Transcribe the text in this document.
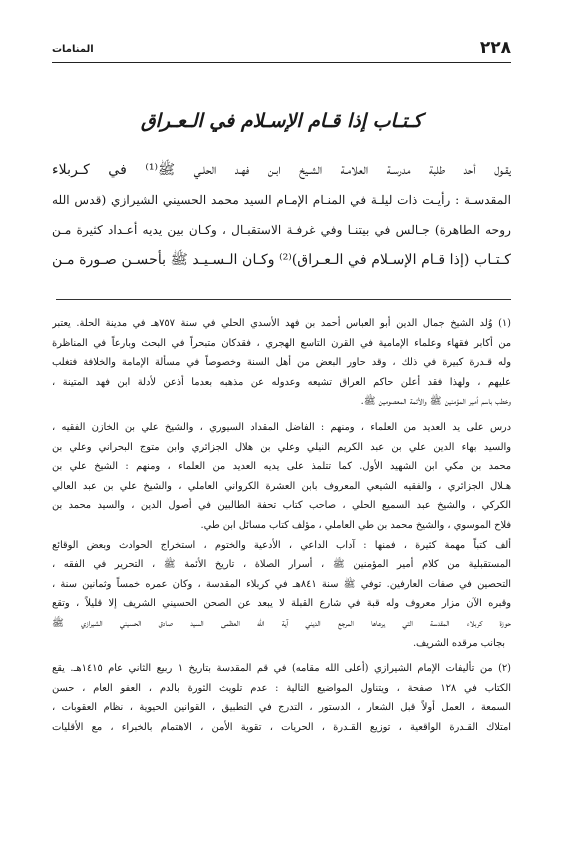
٢٢٨
المنامات
كـتـاب إذا قـام الإسـلام في الـعـراق
يقـول أحد طلبة مدرسـة العلامـة الشـيخ ابـن فهـد الحلـي ﷺ⁽¹⁾ في كـربلاء
المقدسـة : رأيـت ذات ليلـة في المنـام الإمـام السيد محمد الحسيني الشيرازي (قدس الله
روحه الطاهرة) جـالس في بيتنـا وفي غرفـة الاستقبـال ، وكـان بين يديه أعـداد كثيرة مـن
كـتـاب (إذا قـام الإسـلام في الـعـراق)⁽²⁾ وكـان الـسـيـد ﷺ بأحسـن صـورة مـن
(١) وُلد الشيخ جمال الدين أبو العباس أحمد بن فهد الأسدي الحلي في سنة ٧٥٧هـ في مدينة الحلة. يعتبر
من أكابر فقهاء وعلماء الإمامية في القرن التاسع الهجري ، فقدكان متبحراً في البحث وبارعاً في المناظرة
وله قـدرة كبيرة في ذلك ، وقد حاور البعض من أهل السنة وخصوصاً في مسألة الإمامة والخلافة فتغلب
عليهم ، ولهذا فقد أعلن حاكم العراق تشيعه وعدوله عن مذهبه بعدما أذعن لأدلة ابن فهد المتينة ،
وخطب باسم أمير المؤمنين ﷺ والأئمة المعصومين ﷺ.
درس على يد العديد من العلماء ، ومنهم : الفاضل المقداد السيوري ، والشيخ علي بن الخازن الفقيه ،
والسيد بهاء الدين علي بن عبد الكريم النيلي وعلي بن هلال الجزائري وابن متوج البحراني وعلي بن
محمد بن مكي ابن الشهيد الأول. كما تتلمذ على يديه العديد من العلماء ، ومنهم : الشيخ علي بن
هـلال الجزائري ، والفقيه الشيعي المعروف بابن العشرة الكرواني العاملي ، والشيخ علي بن عبد العالي
الكركي ، والشيخ عبد السميع الحلي ، صاحب كتاب تحفة الطالبين في أصول الدين ، والسيد محمد بن
فلاح الموسوي ، والشيخ محمد بن طي العاملي ، مؤلف كتاب مسائل ابن طي.
ألف كتباً مهمة كثيرة ، فمنها : آداب الداعي ، الأدعية والختوم ، استخراج الحوادث وبعض الوقائع
المستقبلية من كلام أمير المؤمنين ﷺ ، أسرار الصلاة ، تاريخ الأئمة ﷺ ، التحرير في الفقه ،
التحصين في صفات العارفين. توفي ﷺ سنة ٨٤١هـ في كربلاء المقدسة ، وكان عمره خمساً وثمانين سنة ،
وقبره الآن مزار معروف وله قبة في شارع القبلة لا يبعد عن الصحن الحسيني الشريف إلا قليلاً ، وتقع
حوزة كربلاء المقدسة التي يرعاها المرجع الديني آية الله العظمى السيد صادق الحسيني الشيرازي ﷺ
بجانب مرقده الشريف.
(٢) من تأليفات الإمام الشيرازي (أعلى الله مقامه) في قم المقدسة بتاريخ ١ ربيع الثاني عام ١٤١٥هـ. يقع
الكتاب في ١٢٨ صفحة ، ويتناول المواضيع التالية : عدم تلويث الثورة بالدم ، العفو العام ، حسن
السمعة ، العمل أولاً قبل الشعار ، الدستور ، التدرج في التطبيق ، القوانين الحيوية ، نظام العقوبات ،
امتلاك القـدرة الواقعية ، توزيع القـدرة ، الحريات ، تقوية الأمن ، الاهتمام بالخبراء ، مع الأقليات
